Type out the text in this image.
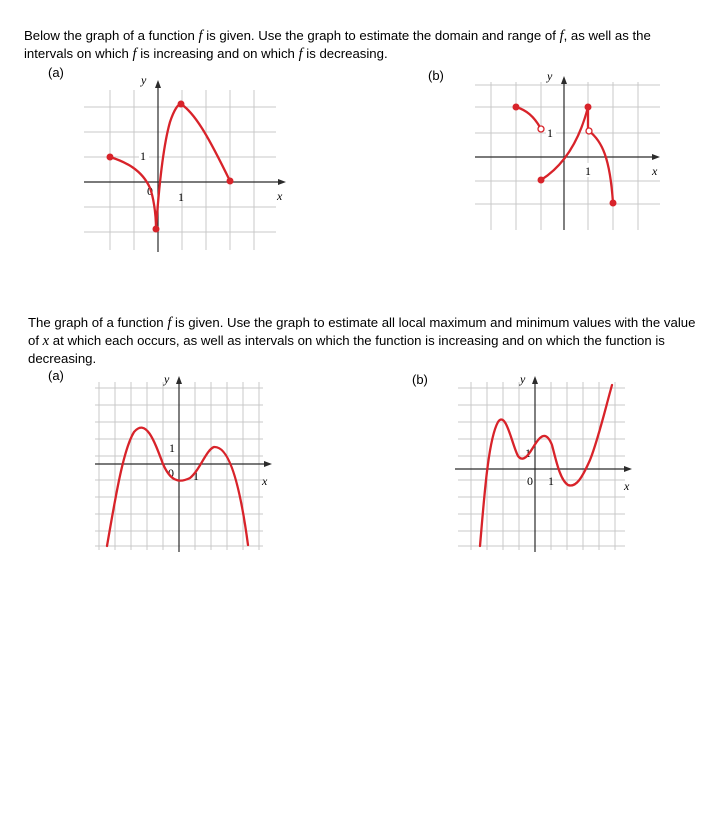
Below the graph of a function f is given. Use the graph to estimate the domain and range of f, as well as the
intervals on which f is increasing and on which f is decreasing.

(a)	(b)
y
x
1
0 1
y
x
1
1

The graph of a function f is given. Use the graph to estimate all local maximum and minimum values with the value
of x at which each occurs, as well as intervals on which the function is increasing and on which the function is
decreasing.

(a)	(b)
y
x
1
0 1
y
x
1
0 1
